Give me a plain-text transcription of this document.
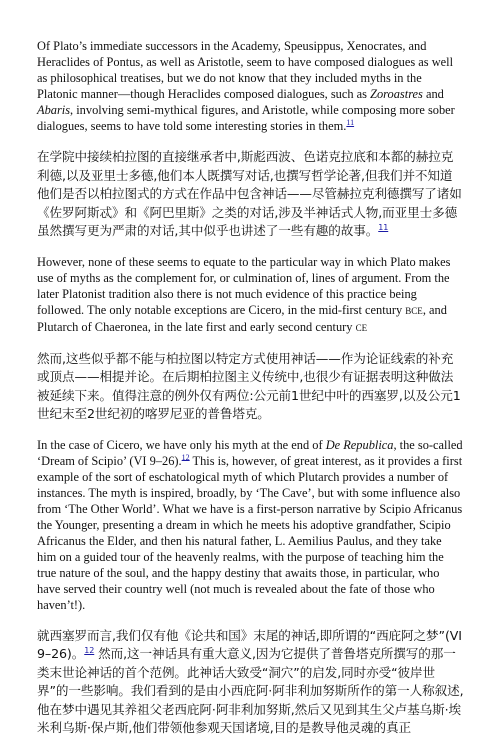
Of Plato’s immediate successors in the Academy, Speusippus, Xenocrates, and Heraclides of Pontus, as well as Aristotle, seem to have composed dialogues as well as philosophical treatises, but we do not know that they included myths in the Platonic manner—though Heraclides composed dialogues, such as Zoroastres and Abaris, involving semi-mythical figures, and Aristotle, while composing more sober dialogues, seems to have told some interesting stories in them.$^{11}$

在学院中接续柏拉图的直接继承者中,斯彪西波、色诺克拉底和本都的赫拉克利德,以及亚里士多德,他们本人既撰写对话,也撰写哲学论著,但我们并不知道他们是否以柏拉图式的方式在作品中包含神话——尽管赫拉克利德撰写了诸如《佐罗阿斯忒》和《阿巴里斯》之类的对话,涉及半神话式人物,而亚里士多德虽然撰写更为严肃的对话,其中似乎也讲述了一些有趣的故事。$^{11}$

However, none of these seems to equate to the particular way in which Plato makes use of myths as the complement for, or culmination of, lines of argument. From the later Platonist tradition also there is not much evidence of this practice being followed. The only notable exceptions are Cicero, in the mid-first century BCE, and Plutarch of Chaeronea, in the late first and early second century CE

然而,这些似乎都不能与柏拉图以特定方式使用神话——作为论证线索的补充或顶点——相提并论。在后期柏拉图主义传统中,也很少有证据表明这种做法被延续下来。值得注意的例外仅有两位:公元前1世纪中叶的西塞罗,以及公元1世纪末至2世纪初的喀罗尼亚的普鲁塔克。

In the case of Cicero, we have only his myth at the end of De Republica, the so-called ‘Dream of Scipio’ (VI 9–26).$^{12}$ This is, however, of great interest, as it provides a first example of the sort of eschatological myth of which Plutarch provides a number of instances. The myth is inspired, broadly, by ‘The Cave’, but with some influence also from ‘The Other World’. What we have is a first-person narrative by Scipio Africanus the Younger, presenting a dream in which he meets his adoptive grandfather, Scipio Africanus the Elder, and then his natural father, L. Aemilius Paulus, and they take him on a guided tour of the heavenly realms, with the purpose of teaching him the true nature of the soul, and the happy destiny that awaits those, in particular, who have served their country well (not much is revealed about the fate of those who haven’t!).

就西塞罗而言,我们仅有他《论共和国》末尾的神话,即所谓的“西庇阿之梦”(VI 9–26)。$^{12}$ 然而,这一神话具有重大意义,因为它提供了普鲁塔克所撰写的那一类末世论神话的首个范例。此神话大致受“洞穴”的启发,同时亦受“彼岸世界”的一些影响。我们看到的是由小西庇阿·阿非利加努斯所作的第一人称叙述,他在梦中遇见其养祖父老西庇阿·阿非利加努斯,然后又见到其生父卢基乌斯·埃米利乌斯·保卢斯,他们带领他参观天国诸境,目的是教导他灵魂的真正
